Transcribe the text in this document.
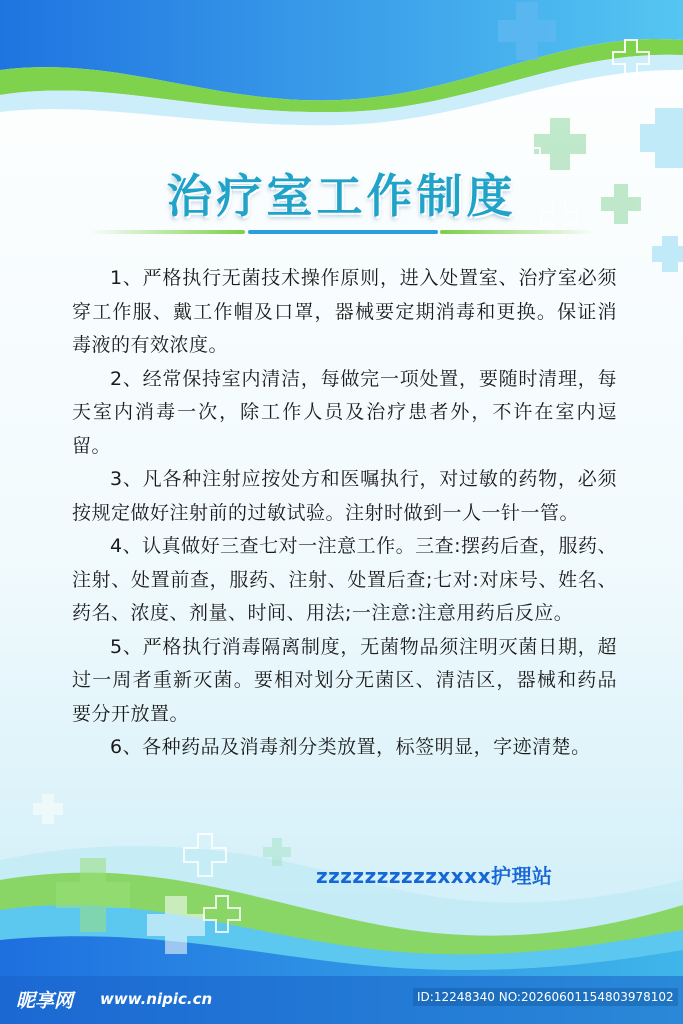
治疗室工作制度

1、严格执行无菌技术操作原则，进入处置室、治疗室必须穿工作服、戴工作帽及口罩，器械要定期消毒和更换。保证消毒液的有效浓度。

2、经常保持室内清洁，每做完一项处置，要随时清理，每天室内消毒一次，除工作人员及治疗患者外，不许在室内逗留。

3、凡各种注射应按处方和医嘱执行，对过敏的药物，必须按规定做好注射前的过敏试验。注射时做到一人一针一管。

4、认真做好三查七对一注意工作。三查:摆药后查，服药、注射、处置前查，服药、注射、处置后查;七对:对床号、姓名、药名、浓度、剂量、时间、用法;一注意:注意用药后反应。

5、严格执行消毒隔离制度，无菌物品须注明灭菌日期，超过一周者重新灭菌。要相对划分无菌区、清洁区，器械和药品要分开放置。

6、各种药品及消毒剂分类放置，标签明显，字迹清楚。

zzzzzzzzzzxxxx护理站
昵享网 www.nipic.cn	ID:12248340 NO:20260601154803978102
